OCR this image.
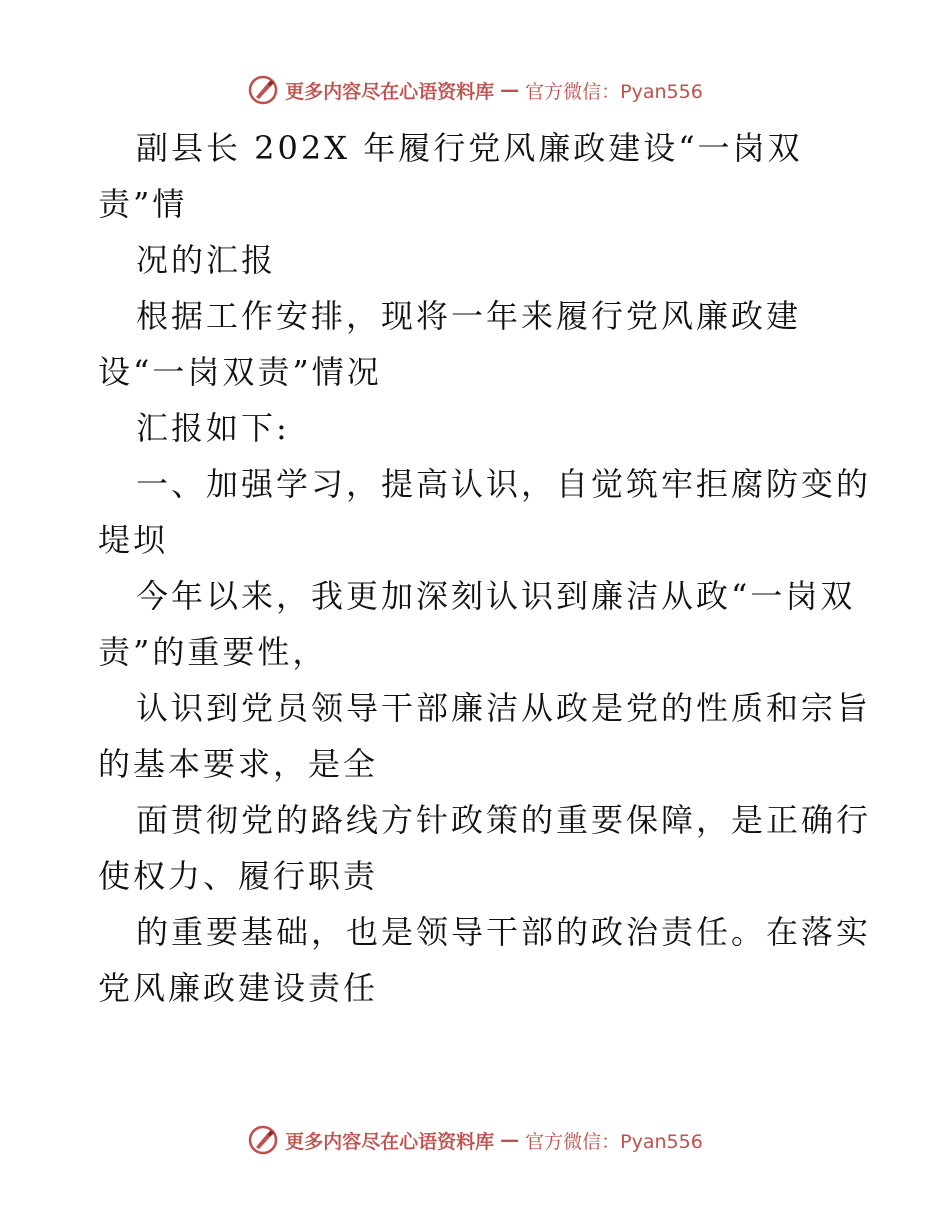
更多内容尽在心语资料库 — 官方微信：Pyan556
副县长 202X 年履行党风廉政建设“一岗双
责”情
况的汇报
根据工作安排，现将一年来履行党风廉政建
设“一岗双责”情况
汇报如下:
一、加强学习，提高认识，自觉筑牢拒腐防变的
堤坝
今年以来，我更加深刻认识到廉洁从政“一岗双
责”的重要性，
认识到党员领导干部廉洁从政是党的性质和宗旨
的基本要求，是全
面贯彻党的路线方针政策的重要保障，是正确行
使权力、履行职责
的重要基础，也是领导干部的政治责任。在落实
党风廉政建设责任
更多内容尽在心语资料库 — 官方微信：Pyan556
